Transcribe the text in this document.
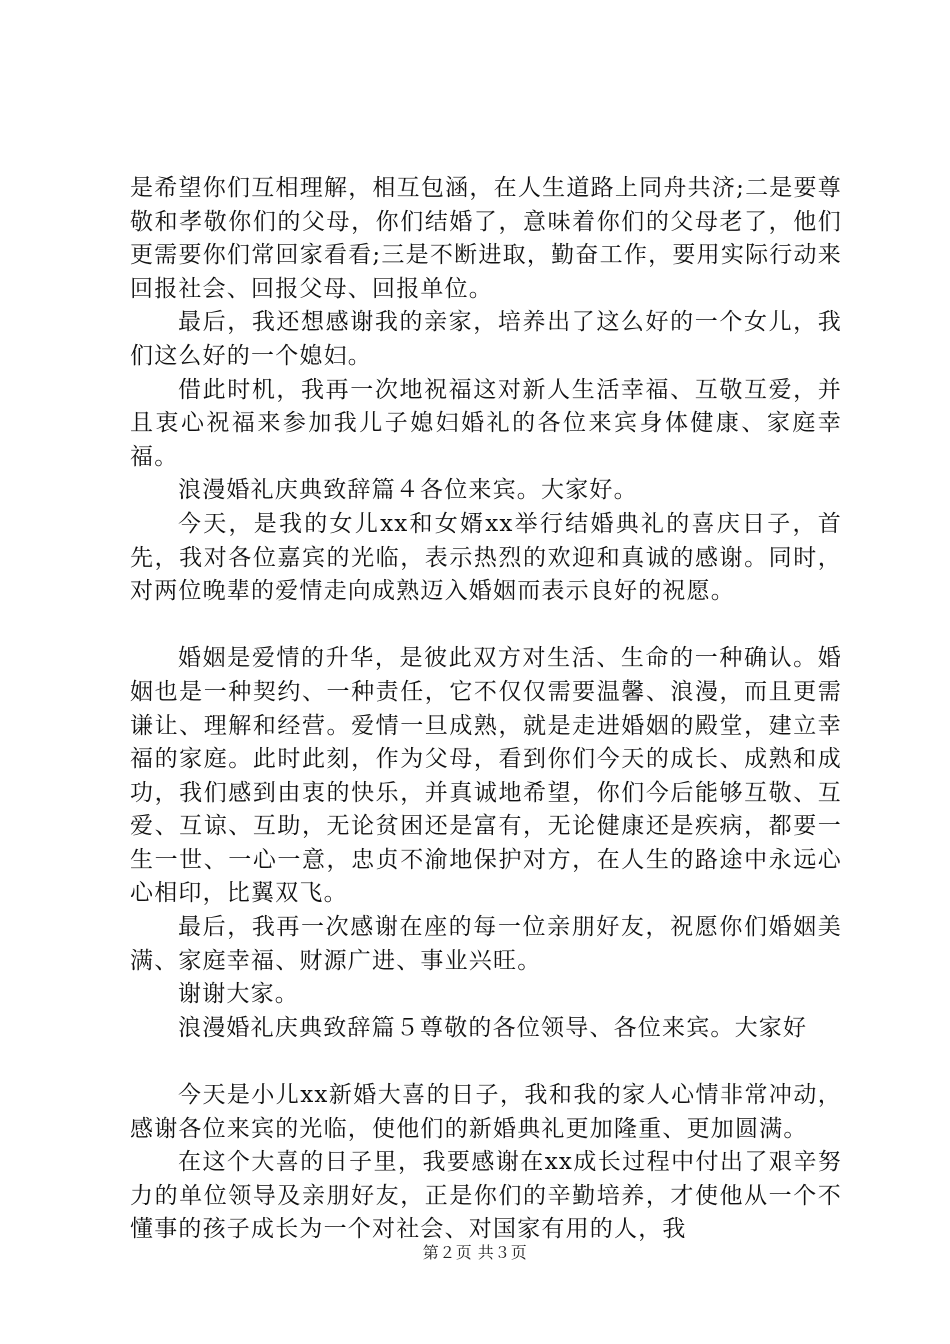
是希望你们互相理解，相互包涵，在人生道路上同舟共济;二是要尊敬和孝敬你们的父母，你们结婚了，意味着你们的父母老了，他们更需要你们常回家看看;三是不断进取，勤奋工作，要用实际行动来回报社会、回报父母、回报单位。

最后，我还想感谢我的亲家，培养出了这么好的一个女儿，我们这么好的一个媳妇。

借此时机，我再一次地祝福这对新人生活幸福、互敬互爱，并且衷心祝福来参加我儿子媳妇婚礼的各位来宾身体健康、家庭幸福。

浪漫婚礼庆典致辞篇４各位来宾。大家好。

今天，是我的女儿xx和女婿xx举行结婚典礼的喜庆日子，首先，我对各位嘉宾的光临，表示热烈的欢迎和真诚的感谢。同时，对两位晚辈的爱情走向成熟迈入婚姻而表示良好的祝愿。

婚姻是爱情的升华，是彼此双方对生活、生命的一种确认。婚姻也是一种契约、一种责任，它不仅仅需要温馨、浪漫，而且更需谦让、理解和经营。爱情一旦成熟，就是走进婚姻的殿堂，建立幸福的家庭。此时此刻，作为父母，看到你们今天的成长、成熟和成功，我们感到由衷的快乐，并真诚地希望，你们今后能够互敬、互爱、互谅、互助，无论贫困还是富有，无论健康还是疾病，都要一生一世、一心一意，忠贞不渝地保护对方，在人生的路途中永远心心相印，比翼双飞。

最后，我再一次感谢在座的每一位亲朋好友，祝愿你们婚姻美满、家庭幸福、财源广进、事业兴旺。

谢谢大家。

浪漫婚礼庆典致辞篇５尊敬的各位领导、各位来宾。大家好

今天是小儿xx新婚大喜的日子，我和我的家人心情非常冲动，感谢各位来宾的光临，使他们的新婚典礼更加隆重、更加圆满。

在这个大喜的日子里，我要感谢在xx成长过程中付出了艰辛努力的单位领导及亲朋好友，正是你们的辛勤培养，才使他从一个不懂事的孩子成长为一个对社会、对国家有用的人，我

第２页 共３页
